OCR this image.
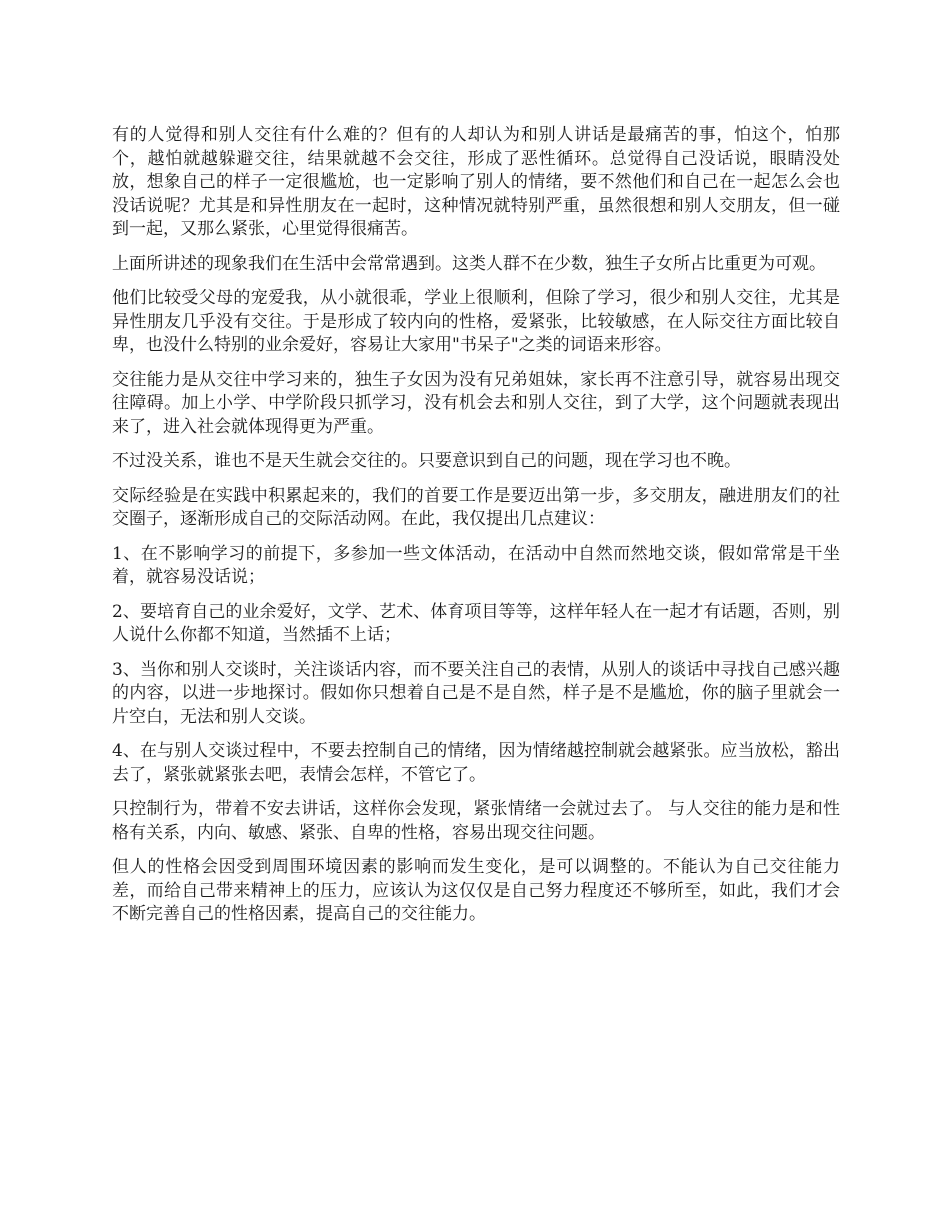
有的人觉得和别人交往有什么难的？但有的人却认为和别人讲话是最痛苦的事，怕这个，怕那个，越怕就越躲避交往，结果就越不会交往，形成了恶性循环。总觉得自己没话说，眼睛没处放，想象自己的样子一定很尴尬，也一定影响了别人的情绪，要不然他们和自己在一起怎么会也没话说呢？尤其是和异性朋友在一起时，这种情况就特别严重，虽然很想和别人交朋友，但一碰到一起，又那么紧张，心里觉得很痛苦。

上面所讲述的现象我们在生活中会常常遇到。这类人群不在少数，独生子女所占比重更为可观。

他们比较受父母的宠爱我，从小就很乖，学业上很顺利，但除了学习，很少和别人交往，尤其是异性朋友几乎没有交往。于是形成了较内向的性格，爱紧张，比较敏感，在人际交往方面比较自卑，也没什么特别的业余爱好，容易让大家用"书呆子"之类的词语来形容。

交往能力是从交往中学习来的，独生子女因为没有兄弟姐妹，家长再不注意引导，就容易出现交往障碍。加上小学、中学阶段只抓学习，没有机会去和别人交往，到了大学，这个问题就表现出来了，进入社会就体现得更为严重。

不过没关系，谁也不是天生就会交往的。只要意识到自己的问题，现在学习也不晚。

交际经验是在实践中积累起来的，我们的首要工作是要迈出第一步，多交朋友，融进朋友们的社交圈子，逐渐形成自己的交际活动网。在此，我仅提出几点建议：

1、在不影响学习的前提下，多参加一些文体活动，在活动中自然而然地交谈，假如常常是干坐着，就容易没话说；

2、要培育自己的业余爱好，文学、艺术、体育项目等等，这样年轻人在一起才有话题，否则，别人说什么你都不知道，当然插不上话；

3、当你和别人交谈时，关注谈话内容，而不要关注自己的表情，从别人的谈话中寻找自己感兴趣的内容，以进一步地探讨。假如你只想着自己是不是自然，样子是不是尴尬，你的脑子里就会一片空白，无法和别人交谈。

4、在与别人交谈过程中，不要去控制自己的情绪，因为情绪越控制就会越紧张。应当放松，豁出去了，紧张就紧张去吧，表情会怎样，不管它了。

只控制行为，带着不安去讲话，这样你会发现，紧张情绪一会就过去了。 与人交往的能力是和性格有关系，内向、敏感、紧张、自卑的性格，容易出现交往问题。

但人的性格会因受到周围环境因素的影响而发生变化，是可以调整的。不能认为自己交往能力差，而给自己带来精神上的压力，应该认为这仅仅是自己努力程度还不够所至，如此，我们才会不断完善自己的性格因素，提高自己的交往能力。
